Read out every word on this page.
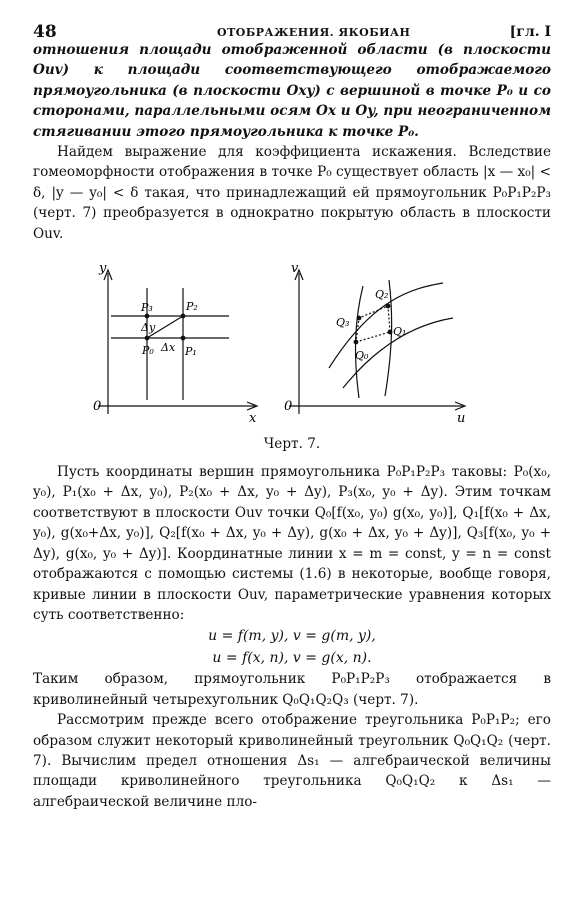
48	ОТОБРАЖЕНИЯ. ЯКОБИАН	[гл. I

отношения площади отображенной области (в плоскости Ouv) к площади соответствующего отображаемого прямоугольника (в плоскости Oxy) с вершиной в точке P₀ и со сторонами, параллельными осям Ox и Oy, при неограниченном стягивании этого прямоугольника к точке P₀.

Найдем выражение для коэффициента искажения. Вследствие гомеоморфности отображения в точке P₀ существует область |x — x₀| < δ, |y — y₀| < δ такая, что принадлежащий ей прямоугольник P₀P₁P₂P₃ (черт. 7) преобразуется в однократно покрытую область в плоскости Ouv.

y
x
0
P₀	P₁
P₂
P₃
Δx
Δy
v
u
0
Q₀
Q₁
Q₂
Q₃
Черт. 7.

Пусть координаты вершин прямоугольника P₀P₁P₂P₃ таковы: P₀(x₀, y₀), P₁(x₀ + Δx, y₀), P₂(x₀ + Δx, y₀ + Δy), P₃(x₀, y₀ + Δy). Этим точкам соответствуют в плоскости Ouv точки Q₀[f(x₀, y₀) g(x₀, y₀)], Q₁[f(x₀ + Δx, y₀), g(x₀+Δx, y₀)], Q₂[f(x₀ + Δx, y₀ + Δy), g(x₀ + Δx, y₀ + Δy)], Q₃[f(x₀, y₀ + Δy), g(x₀, y₀ + Δy)]. Координатные линии x = m = const, y = n = const отображаются с помощью системы (1.6) в некоторые, вообще говоря, кривые линии в плоскости Ouv, параметрические уравнения которых суть соответственно:

u = f(m, y), v = g(m, y),
u = f(x, n), v = g(x, n).

Таким образом, прямоугольник P₀P₁P₂P₃ отображается в криволинейный четырехугольник Q₀Q₁Q₂Q₃ (черт. 7).

Рассмотрим прежде всего отображение треугольника P₀P₁P₂; его образом служит некоторый криволинейный треугольник Q₀Q₁Q₂ (черт. 7). Вычислим предел отношения Δs₁ — алгебраической величины площади криволинейного треугольника Q₀Q₁Q₂ к Δs₁ — алгебраической величине пло-
